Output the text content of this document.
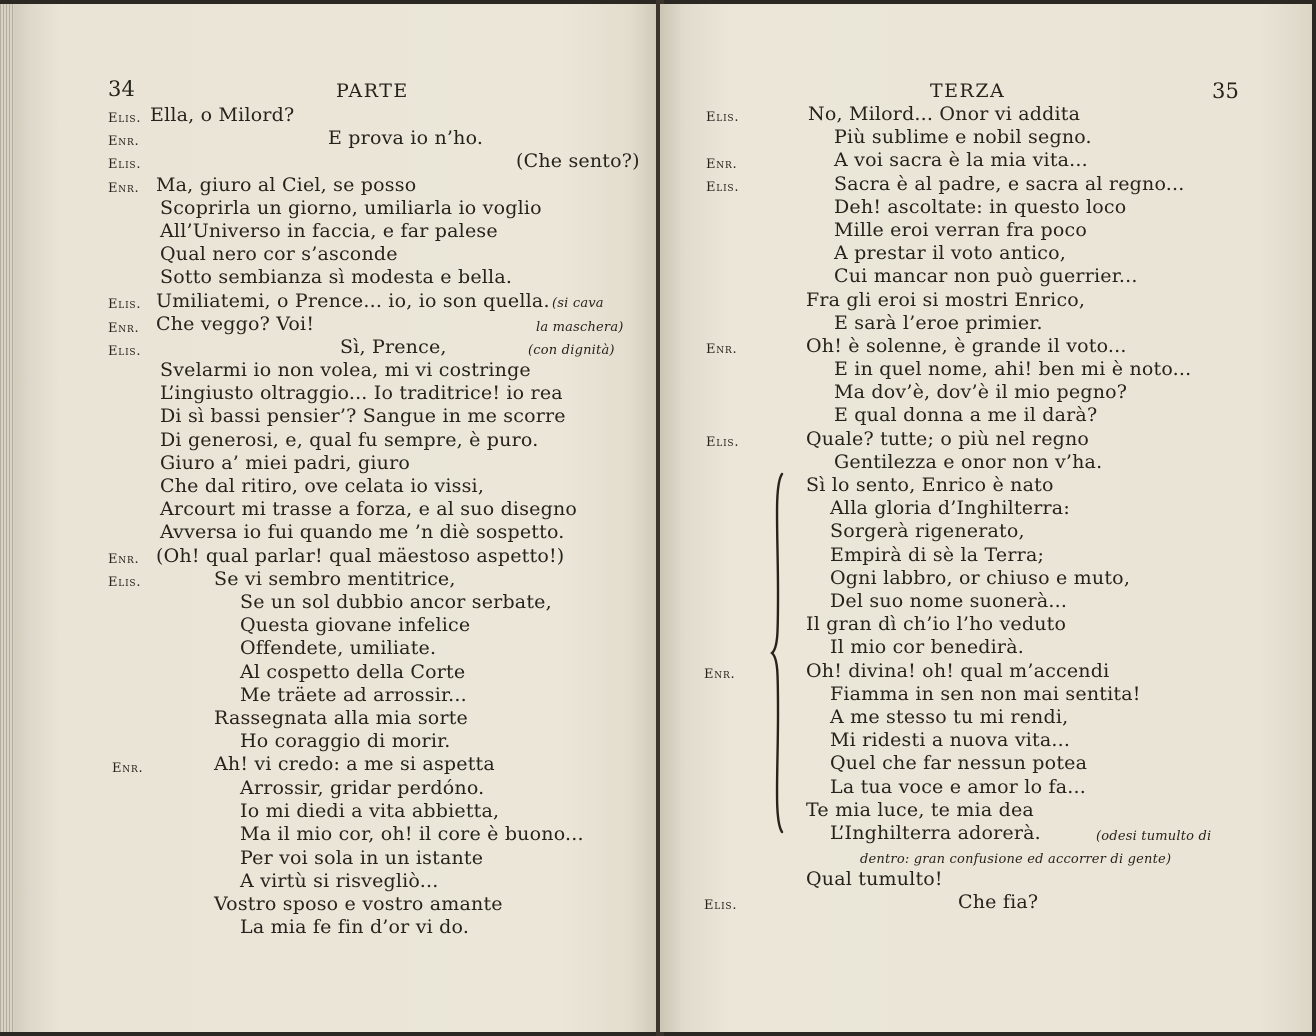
34	PARTE
Elis. Ella, o Milord?
Enr.	E prova io n’ho.
Elis.	(Che sento?)
Enr. Ma, giuro al Ciel, se posso
Scoprirla un giorno, umiliarla io voglio
All’Universo in faccia, e far palese
Qual nero cor s’asconde
Sotto sembianza sì modesta e bella.
Elis. Umiliatemi, o Prence... io, io son quella. (si cava
Enr. Che veggo? Voi!	la maschera)
Elis.	Sì, Prence,	(con dignità)
Svelarmi io non volea, mi vi costringe
L’ingiusto oltraggio... Io traditrice! io rea
Di sì bassi pensier’? Sangue in me scorre
Di generosi, e, qual fu sempre, è puro.
Giuro a’ miei padri, giuro
Che dal ritiro, ove celata io vissi,
Arcourt mi trasse a forza, e al suo disegno
Avversa io fui quando me ’n diè sospetto.
Enr. (Oh! qual parlar! qual mäestoso aspetto!)
Elis.	Se vi sembro mentitrice,
Se un sol dubbio ancor serbate,
Questa giovane infelice
Offendete, umiliate.
Al cospetto della Corte
Me träete ad arrossir...
Rassegnata alla mia sorte
Ho coraggio di morir.
Enr.	Ah! vi credo: a me si aspetta
Arrossir, gridar perdóno.
Io mi diedi a vita abbietta,
Ma il mio cor, oh! il core è buono...
Per voi sola in un istante
A virtù si risvegliò...
Vostro sposo e vostro amante
La mia fe fin d’or vi do.
TERZA	35
Elis.	No, Milord... Onor vi addita
Più sublime e nobil segno.
Enr.	A voi sacra è la mia vita...
Elis.	Sacra è al padre, e sacra al regno...
Deh! ascoltate: in questo loco
Mille eroi verran fra poco
A prestar il voto antico,
Cui mancar non può guerrier...
Fra gli eroi si mostri Enrico,
E sarà l’eroe primier.
Enr.	Oh! è solenne, è grande il voto...
E in quel nome, ahi! ben mi è noto...
Ma dov’è, dov’è il mio pegno?
E qual donna a me il darà?
Elis.	Quale? tutte; o più nel regno
Gentilezza e onor non v’ha.
Sì lo sento, Enrico è nato
Alla gloria d’Inghilterra:
Sorgerà rigenerato,
Empirà di sè la Terra;
Ogni labbro, or chiuso e muto,
Del suo nome suonerà...
Il gran dì ch’io l’ho veduto
Il mio cor benedirà.
Enr.	Oh! divina! oh! qual m’accendi
Fiamma in sen non mai sentita!
A me stesso tu mi rendi,
Mi ridesti a nuova vita...
Quel che far nessun potea
La tua voce e amor lo fa...
Te mia luce, te mia dea
L’Inghilterra adorerà.	(odesi tumulto di
dentro: gran confusione ed accorrer di gente)
Qual tumulto!
Elis.	Che fia?
